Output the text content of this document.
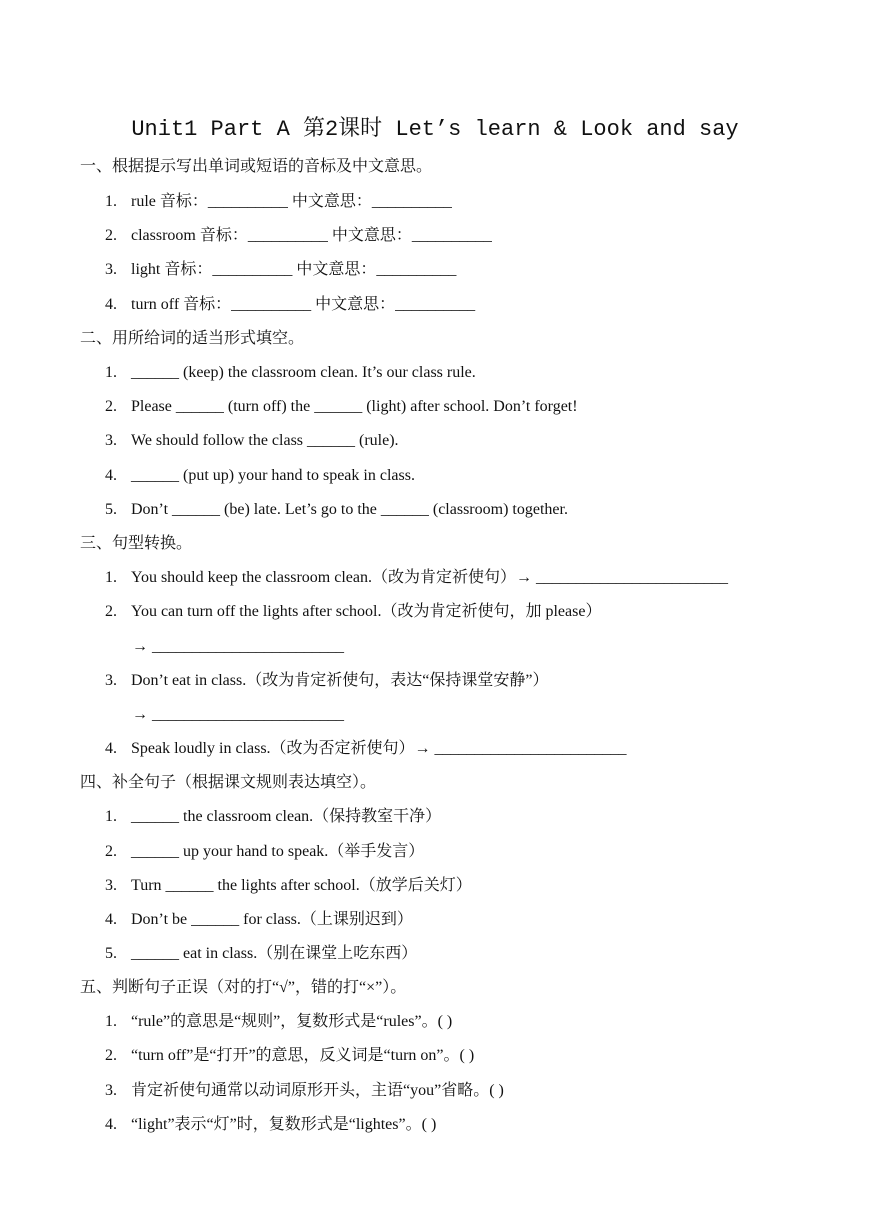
Unit1 Part A 第2课时 Let’s learn & Look and say
一、根据提示写出单词或短语的音标及中文意思。
1. rule 音标：__________ 中文意思：__________
2. classroom 音标：__________ 中文意思：__________
3. light 音标：__________ 中文意思：__________
4. turn off 音标：__________ 中文意思：__________
二、用所给词的适当形式填空。
1. ______ (keep) the classroom clean. It’s our class rule.
2. Please ______ (turn off) the ______ (light) after school. Don’t forget!
3. We should follow the class ______ (rule).
4. ______ (put up) your hand to speak in class.
5. Don’t ______ (be) late. Let’s go to the ______ (classroom) together.
三、句型转换。
1. You should keep the classroom clean.（改为肯定祈使句）→ ________________________
2. You can turn off the lights after school.（改为肯定祈使句，加 please）
→ ________________________
3. Don’t eat in class.（改为肯定祈使句，表达“保持课堂安静”）
→ ________________________
4. Speak loudly in class.（改为否定祈使句）→ ________________________
四、补全句子（根据课文规则表达填空）。
1. ______ the classroom clean.（保持教室干净）
2. ______ up your hand to speak.（举手发言）
3. Turn ______ the lights after school.（放学后关灯）
4. Don’t be ______ for class.（上课别迟到）
5. ______ eat in class.（别在课堂上吃东西）
五、判断句子正误（对的打“√”，错的打“×”）。
1. “rule”的意思是“规则”，复数形式是“rules”。( )
2. “turn off”是“打开”的意思，反义词是“turn on”。( )
3. 肯定祈使句通常以动词原形开头，主语“you”省略。( )
4. “light”表示“灯”时，复数形式是“lightes”。( )
